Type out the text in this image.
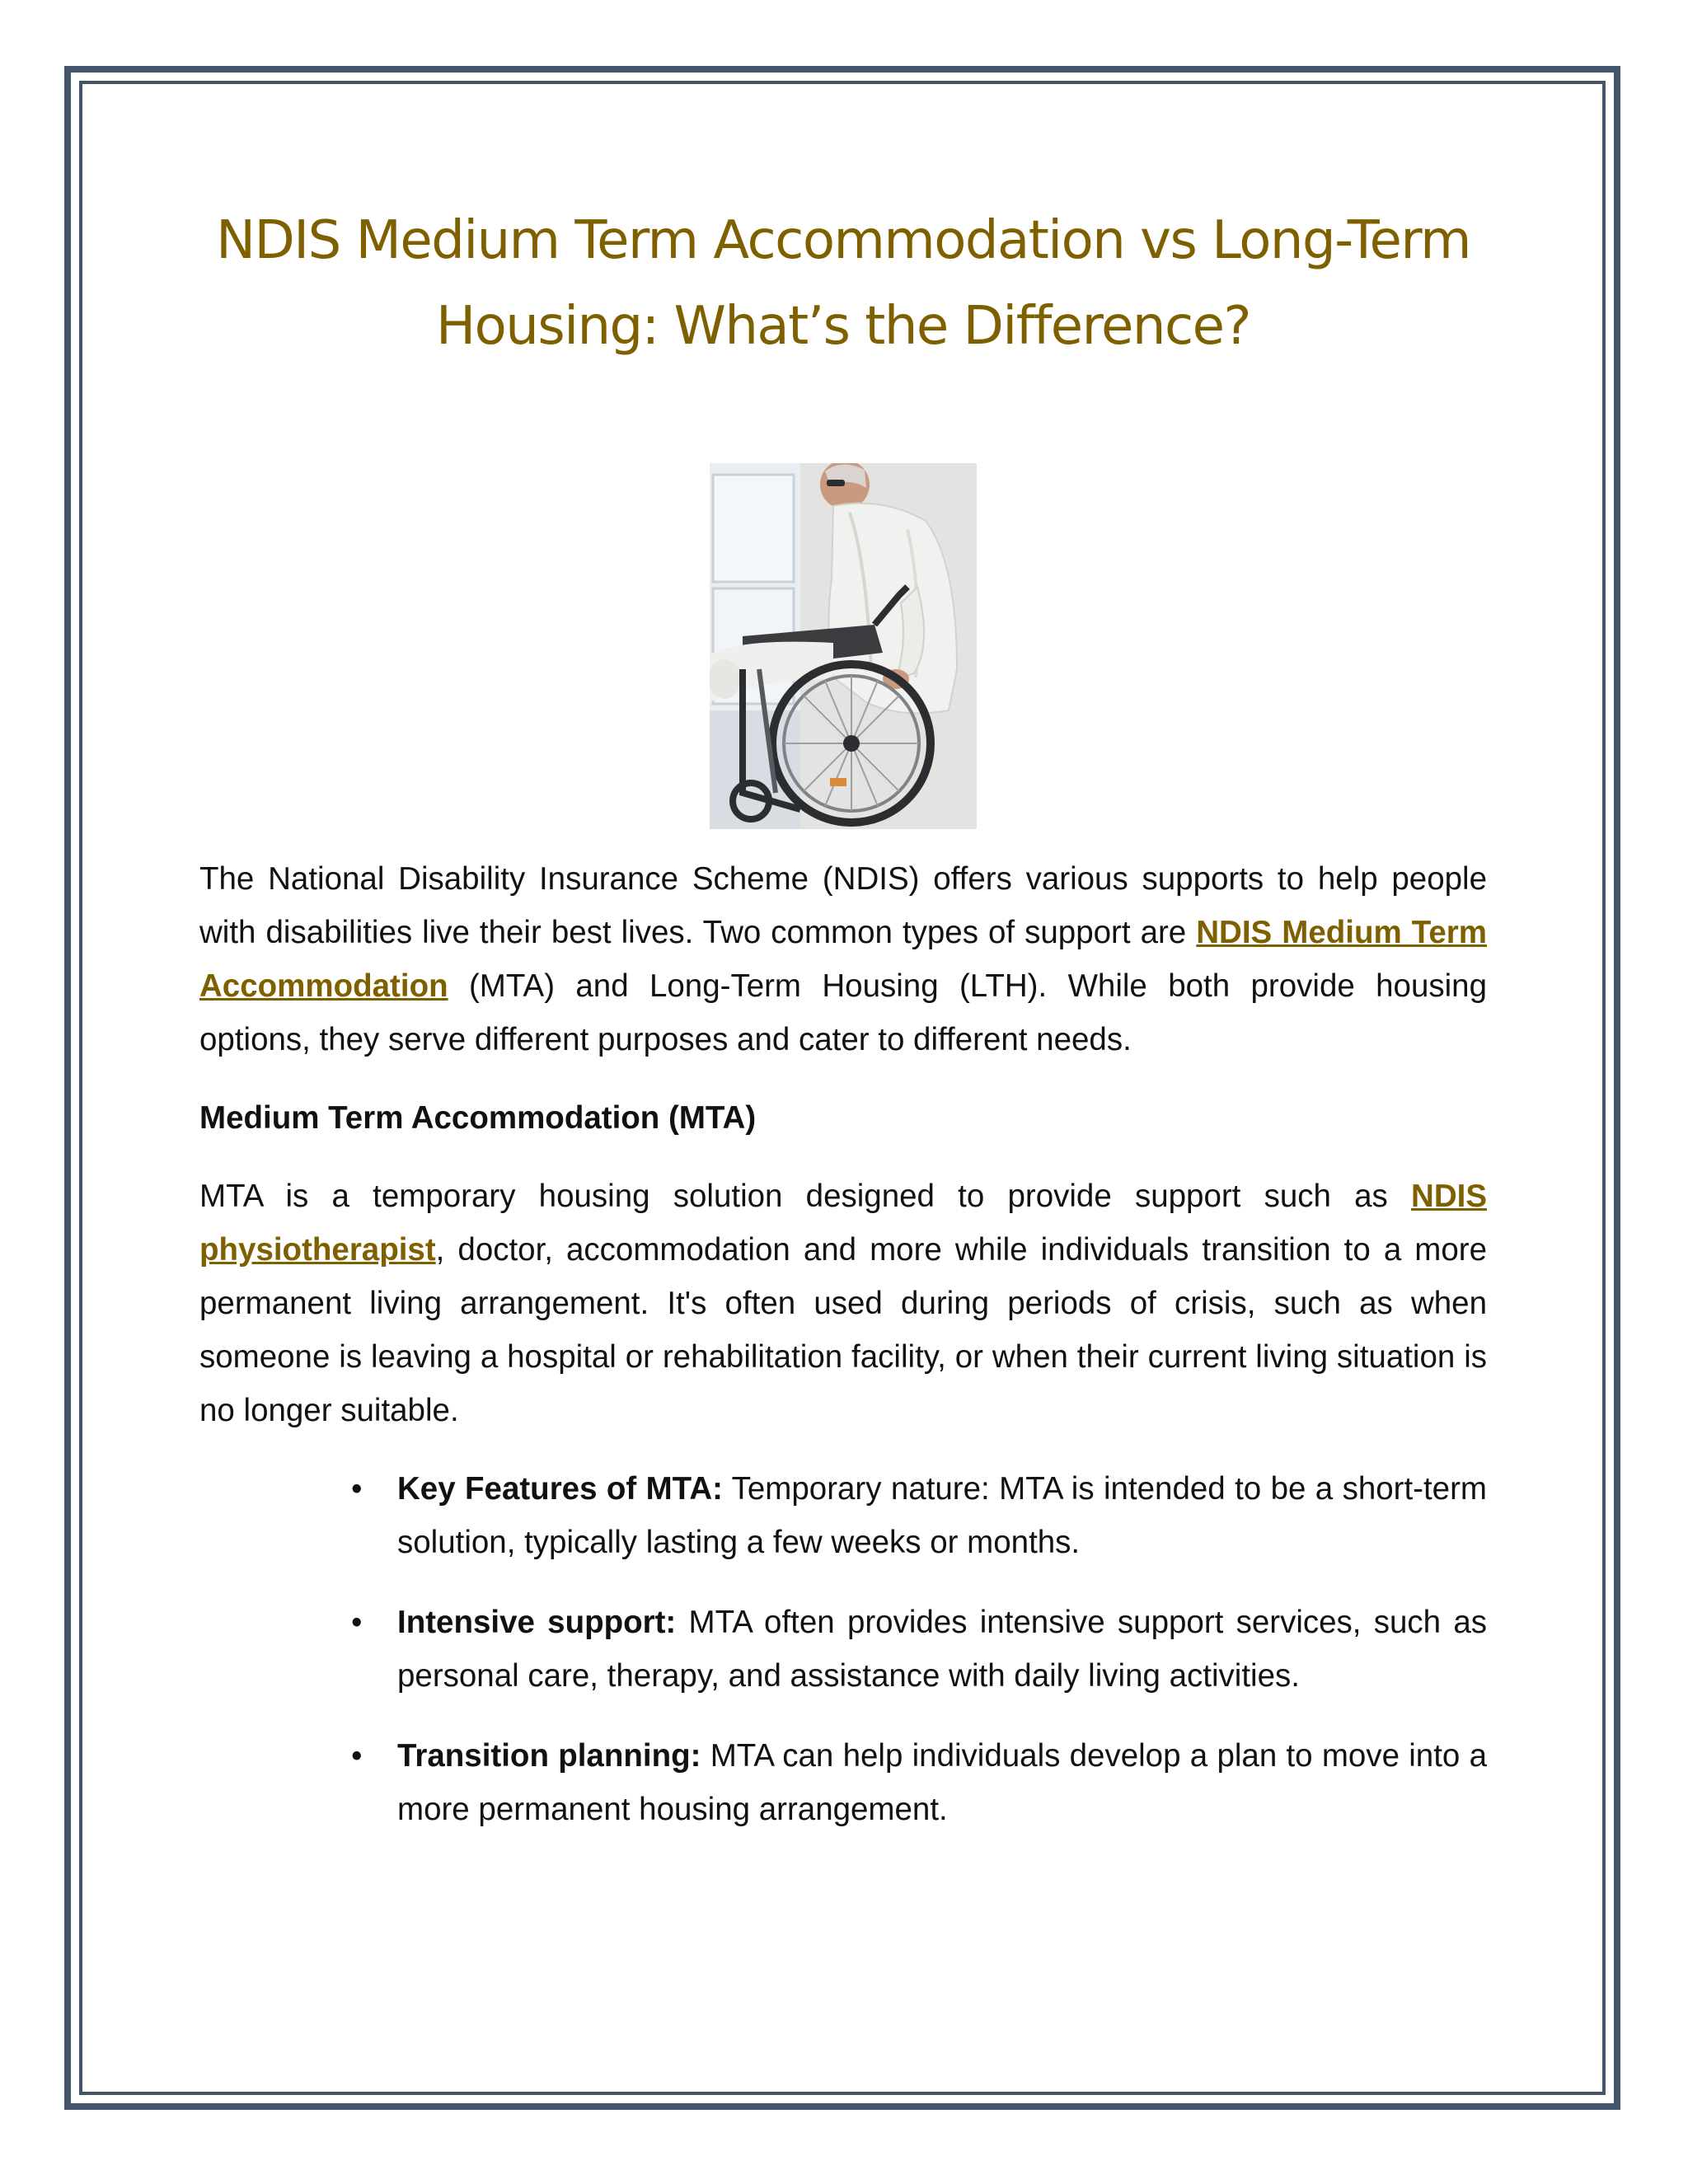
NDIS Medium Term Accommodation vs Long-Term Housing: What’s the Difference?

The National Disability Insurance Scheme (NDIS) offers various supports to help people with disabilities live their best lives. Two common types of support are NDIS Medium Term Accommodation (MTA) and Long-Term Housing (LTH). While both provide housing options, they serve different purposes and cater to different needs.

Medium Term Accommodation (MTA)

MTA is a temporary housing solution designed to provide support such as NDIS physiotherapist, doctor, accommodation and more while individuals transition to a more permanent living arrangement. It's often used during periods of crisis, such as when someone is leaving a hospital or rehabilitation facility, or when their current living situation is no longer suitable.

• Key Features of MTA: Temporary nature: MTA is intended to be a short-term solution, typically lasting a few weeks or months.
• Intensive support: MTA often provides intensive support services, such as personal care, therapy, and assistance with daily living activities.
• Transition planning: MTA can help individuals develop a plan to move into a more permanent housing arrangement.
